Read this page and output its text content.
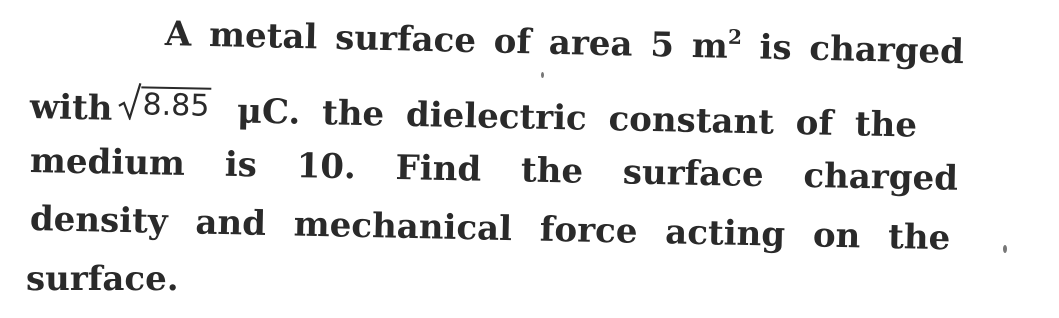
A metal surface of area 5 $m^2$ is charged
with 8.85 μC. the dielectric constant of the
medium is 10. Find the surface charged
density and mechanical force acting on the
surface.
